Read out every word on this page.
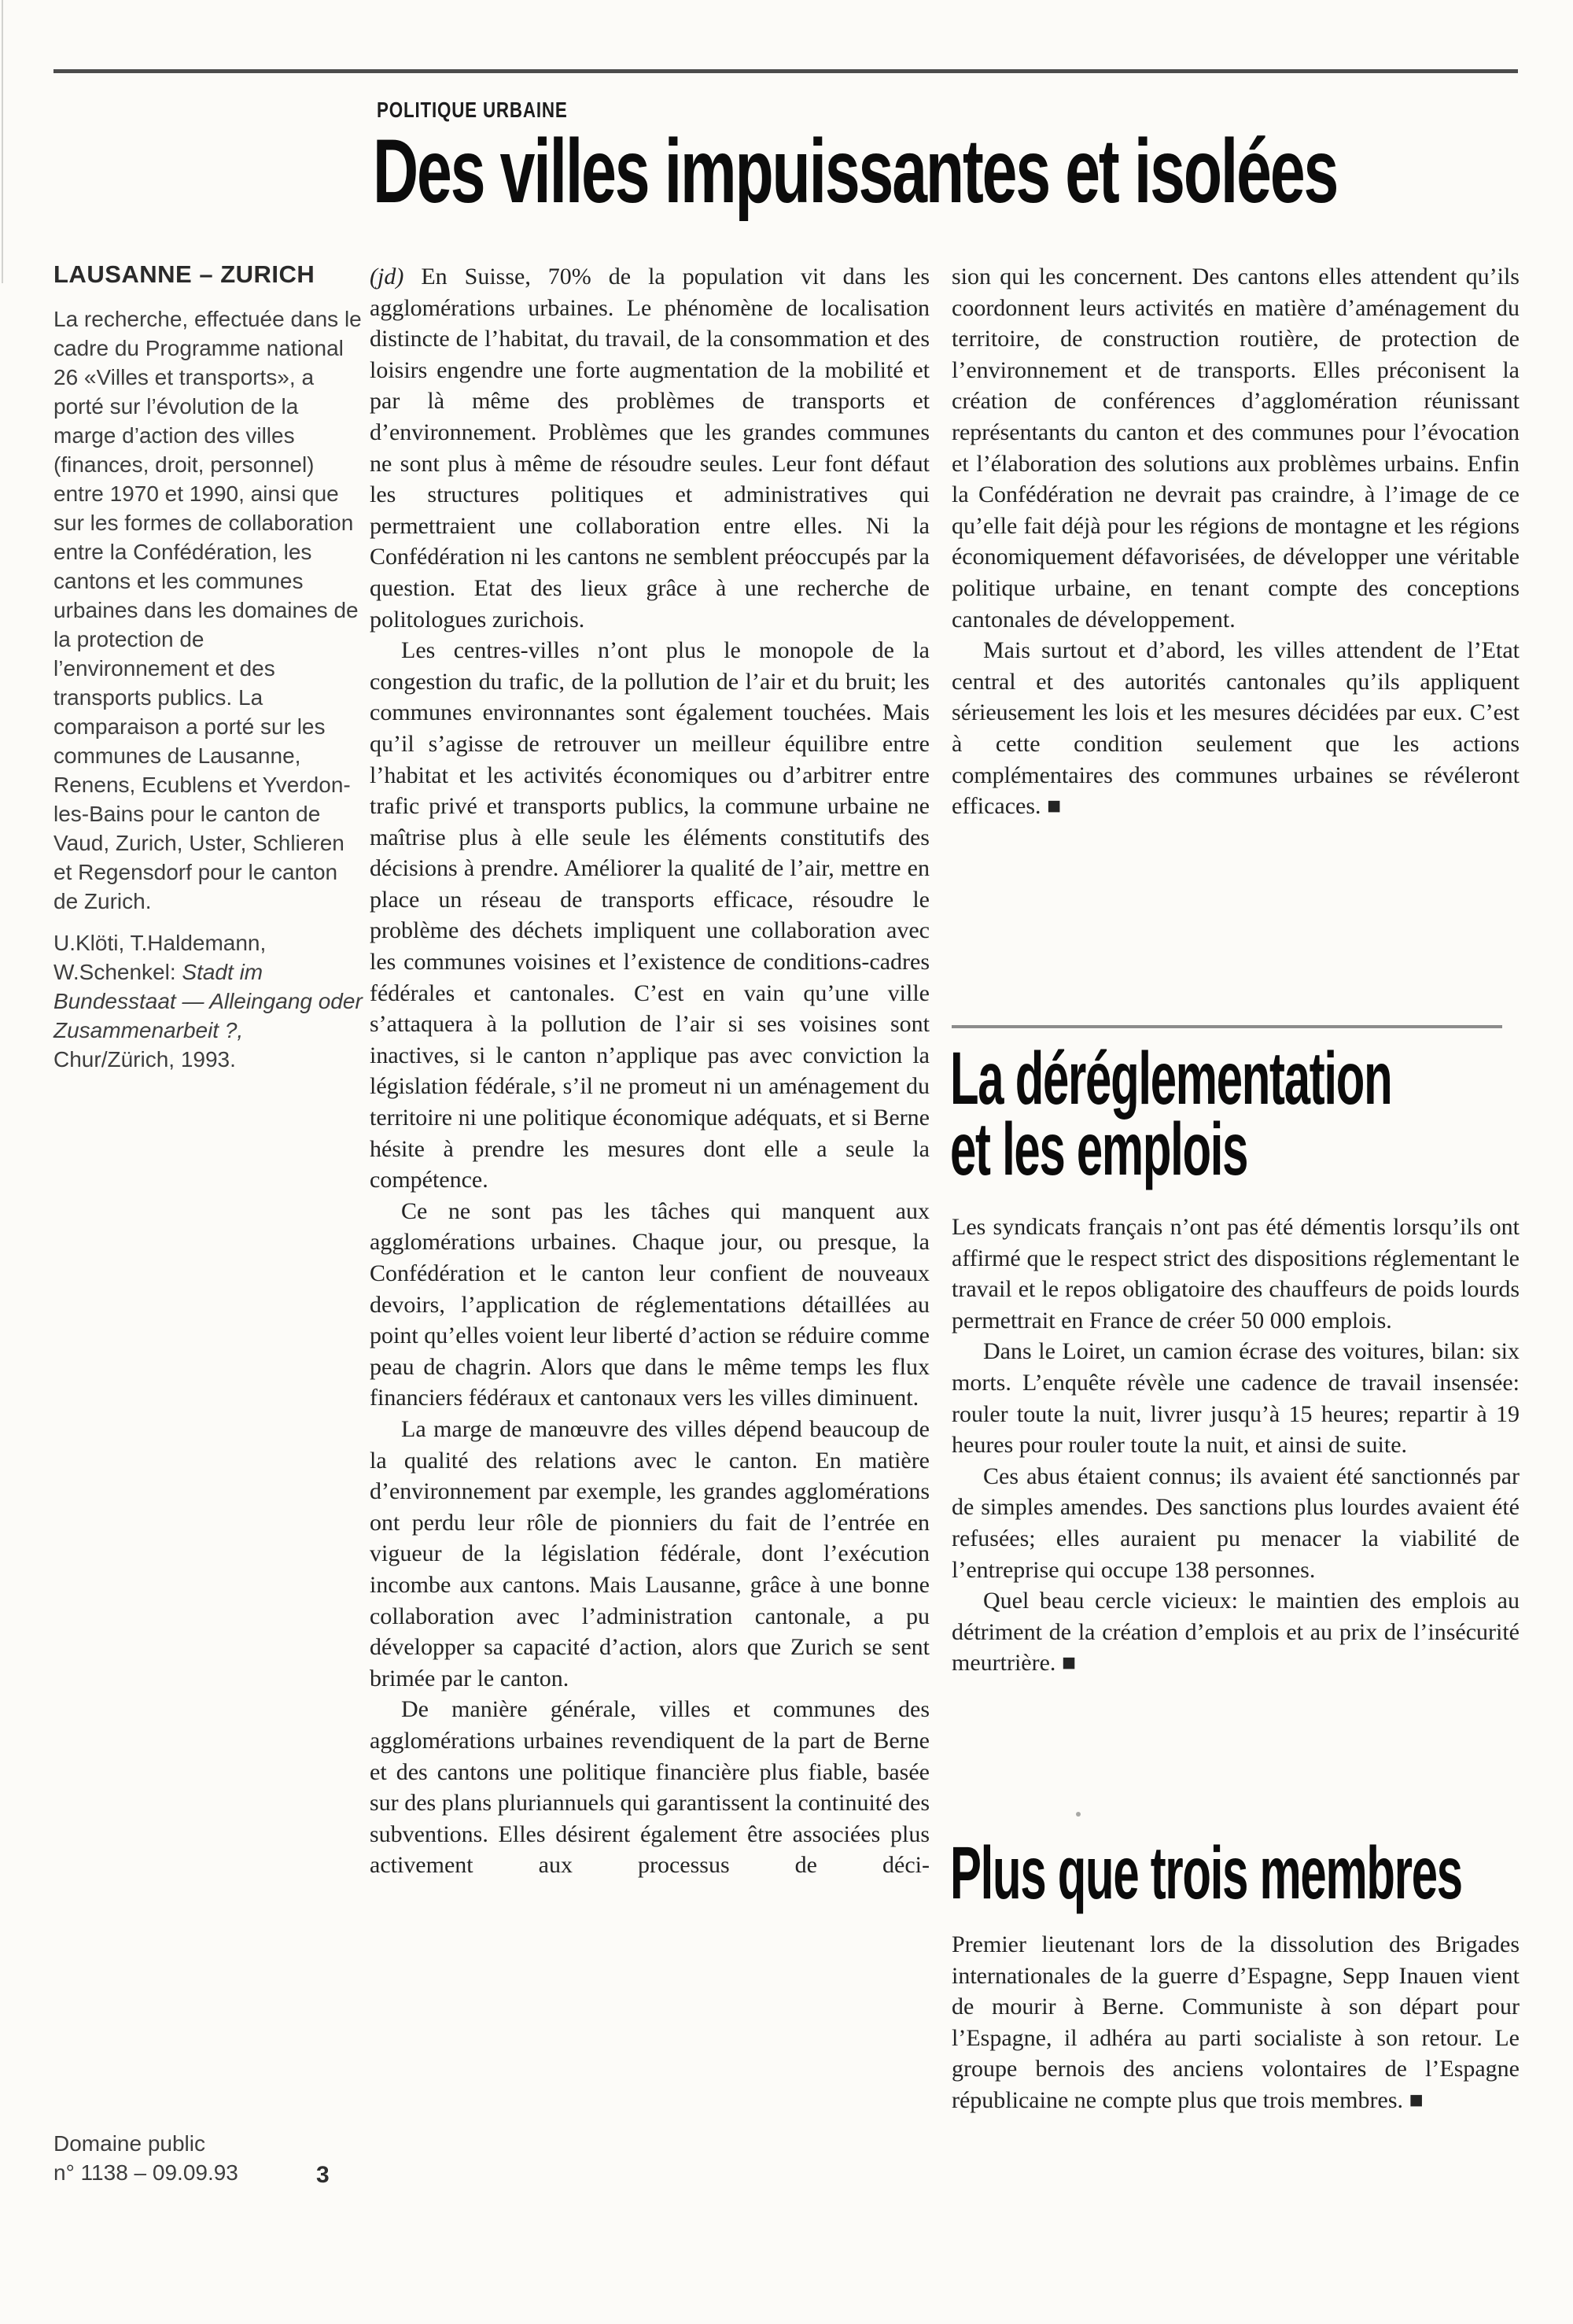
POLITIQUE URBAINE
Des villes impuissantes et isolées
LAUSANNE – ZURICH

La recherche, effectuée dans le cadre du Programme national 26 «Villes et transports», a porté sur l’évolution de la marge d’action des villes (finances, droit, personnel) entre 1970 et 1990, ainsi que sur les formes de collaboration entre la Confédération, les cantons et les communes urbaines dans les domaines de la protection de l’environnement et des transports publics. La comparaison a porté sur les communes de Lausanne, Renens, Ecublens et Yverdon-les-Bains pour le canton de Vaud, Zurich, Uster, Schlieren et Regensdorf pour le canton de Zurich.

U.Klöti, T.Haldemann, W.Schenkel: Stadt im Bundesstaat — Alleingang oder Zusammenarbeit ?, Chur/Zürich, 1993.

(jd) En Suisse, 70% de la population vit dans les agglomérations urbaines. Le phénomène de localisation distincte de l’habitat, du travail, de la consommation et des loisirs engendre une forte augmentation de la mobilité et par là même des problèmes de transports et d’environnement. Problèmes que les grandes communes ne sont plus à même de résoudre seules. Leur font défaut les structures politiques et administratives qui permettraient une collaboration entre elles. Ni la Confédération ni les cantons ne semblent préoccupés par la question. Etat des lieux grâce à une recherche de politologues zurichois.

Les centres-villes n’ont plus le monopole de la congestion du trafic, de la pollution de l’air et du bruit; les communes environnantes sont également touchées. Mais qu’il s’agisse de retrouver un meilleur équilibre entre l’habitat et les activités économiques ou d’arbitrer entre trafic privé et transports publics, la commune urbaine ne maîtrise plus à elle seule les éléments constitutifs des décisions à prendre. Améliorer la qualité de l’air, mettre en place un réseau de transports efficace, résoudre le problème des déchets impliquent une collaboration avec les communes voisines et l’existence de conditions-cadres fédérales et cantonales. C’est en vain qu’une ville s’attaquera à la pollution de l’air si ses voisines sont inactives, si le canton n’applique pas avec conviction la législation fédérale, s’il ne promeut ni un aménagement du territoire ni une politique économique adéquats, et si Berne hésite à prendre les mesures dont elle a seule la compétence.

Ce ne sont pas les tâches qui manquent aux agglomérations urbaines. Chaque jour, ou presque, la Confédération et le canton leur confient de nouveaux devoirs, l’application de réglementations détaillées au point qu’elles voient leur liberté d’action se réduire comme peau de chagrin. Alors que dans le même temps les flux financiers fédéraux et cantonaux vers les villes diminuent.

La marge de manœuvre des villes dépend beaucoup de la qualité des relations avec le canton. En matière d’environnement par exemple, les grandes agglomérations ont perdu leur rôle de pionniers du fait de l’entrée en vigueur de la législation fédérale, dont l’exécution incombe aux cantons. Mais Lausanne, grâce à une bonne collaboration avec l’administration cantonale, a pu développer sa capacité d’action, alors que Zurich se sent brimée par le canton.

De manière générale, villes et communes des agglomérations urbaines revendiquent de la part de Berne et des cantons une politique financière plus fiable, basée sur des plans pluriannuels qui garantissent la continuité des subventions. Elles désirent également être associées plus activement aux processus de déci-

sion qui les concernent. Des cantons elles attendent qu’ils coordonnent leurs activités en matière d’aménagement du territoire, de construction routière, de protection de l’environnement et de transports. Elles préconisent la création de conférences d’agglomération réunissant représentants du canton et des communes pour l’évocation et l’élaboration des solutions aux problèmes urbains. Enfin la Confédération ne devrait pas craindre, à l’image de ce qu’elle fait déjà pour les régions de montagne et les régions économiquement défavorisées, de développer une véritable politique urbaine, en tenant compte des conceptions cantonales de développement.

Mais surtout et d’abord, les villes attendent de l’Etat central et des autorités cantonales qu’ils appliquent sérieusement les lois et les mesures décidées par eux. C’est à cette condition seulement que les actions complémentaires des communes urbaines se révéleront efficaces. ■

La déréglementation
et les emplois

Les syndicats français n’ont pas été démentis lorsqu’ils ont affirmé que le respect strict des dispositions réglementant le travail et le repos obligatoire des chauffeurs de poids lourds permettrait en France de créer 50 000 emplois.

Dans le Loiret, un camion écrase des voitures, bilan: six morts. L’enquête révèle une cadence de travail insensée: rouler toute la nuit, livrer jusqu’à 15 heures; repartir à 19 heures pour rouler toute la nuit, et ainsi de suite.

Ces abus étaient connus; ils avaient été sanctionnés par de simples amendes. Des sanctions plus lourdes avaient été refusées; elles auraient pu menacer la viabilité de l’entreprise qui occupe 138 personnes.

Quel beau cercle vicieux: le maintien des emplois au détriment de la création d’emplois et au prix de l’insécurité meurtrière. ■

Plus que trois membres

Premier lieutenant lors de la dissolution des Brigades internationales de la guerre d’Espagne, Sepp Inauen vient de mourir à Berne. Communiste à son départ pour l’Espagne, il adhéra au parti socialiste à son retour. Le groupe bernois des anciens volontaires de l’Espagne républicaine ne compte plus que trois membres. ■

Domaine public
n° 1138 – 09.09.93	3
